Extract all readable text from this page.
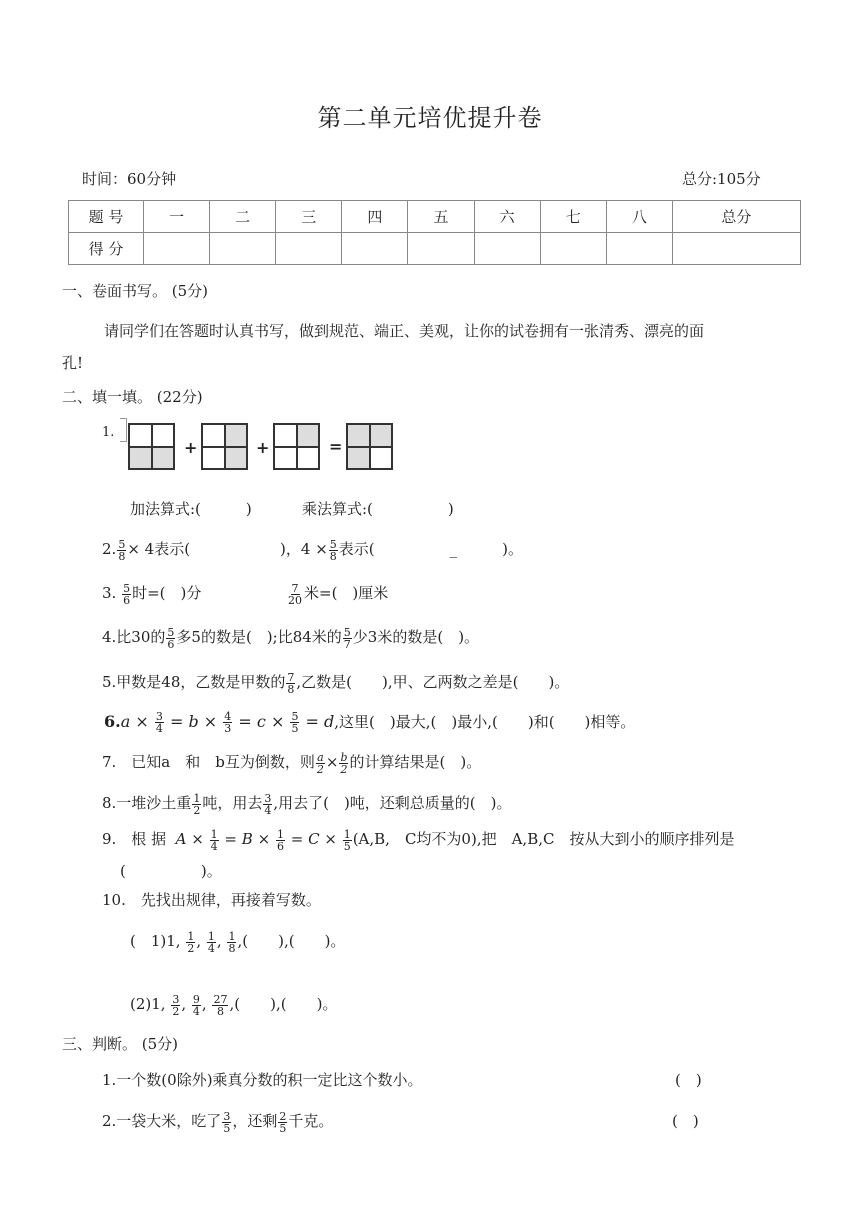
第二单元培优提升卷
时间：60分钟	总分:105分
题 号	一	二	三	四	五	六	七	八	总分
得 分									
一、卷面书写。 (5分)
请同学们在答题时认真书写，做到规范、端正、美观，让你的试卷拥有一张清秀、漂亮的面
孔!
二、填一填。 (22分)
1.
+	+	=
加法算式:(　　　)	乘法算式:(　　　　　)
2. $\frac{5}{8} \times 4$表示(　　　　　　)，$4 \times \frac{5}{8}$ 表示(　　　　　_　　　)。
3. $\frac{5}{6}$ 时=(　)分	$\frac{7}{20}$ 米=(　)厘米
4.比30的 $\frac{5}{6}$ 多5的数是(　);比84米的 $\frac{5}{7}$ 少3米的数是(　)。
5.甲数是48，乙数是甲数的 $\frac{7}{8}$ ,乙数是(　　),甲、乙两数之差是(　　)。
$6.a \times \frac{3}{4} = b \times \frac{4}{3} = c \times \frac{5}{5} = d$,这里(　)最大,(　)最小,(　　)和(　　)相等。
7.　已知a　和　b互为倒数，则 $\frac{a}{2} \times \frac{b}{2}$ 的计算结果是(　)。
8.一堆沙土重 $\frac{1}{2}$ 吨，用去 $\frac{3}{4}$ ,用去了(　)吨，还剩总质量的(　)。
9.　根 据 $A \times \frac{1}{4} = B \times \frac{1}{6} = C \times \frac{1}{5} (A,B$,　C均不为0),把　A,B,C　按从大到小的顺序排列是
(　　　　　)。
10.　先找出规律，再接着写数。
(　1)1, $\frac{1}{2}$ , $\frac{1}{4}$ , $\frac{1}{8}$ ,(　　),(　　)。
(2)1, $\frac{3}{2}$ , $\frac{9}{4}$ , $\frac{27}{8}$ ,(　　),(　　)。
三、判断。 (5分)
1.一个数(0除外)乘真分数的积一定比这个数小。	(　)
2.一袋大米，吃了 $\frac{3}{5}$ ，还剩 $\frac{2}{5}$ 千克。	(　)
